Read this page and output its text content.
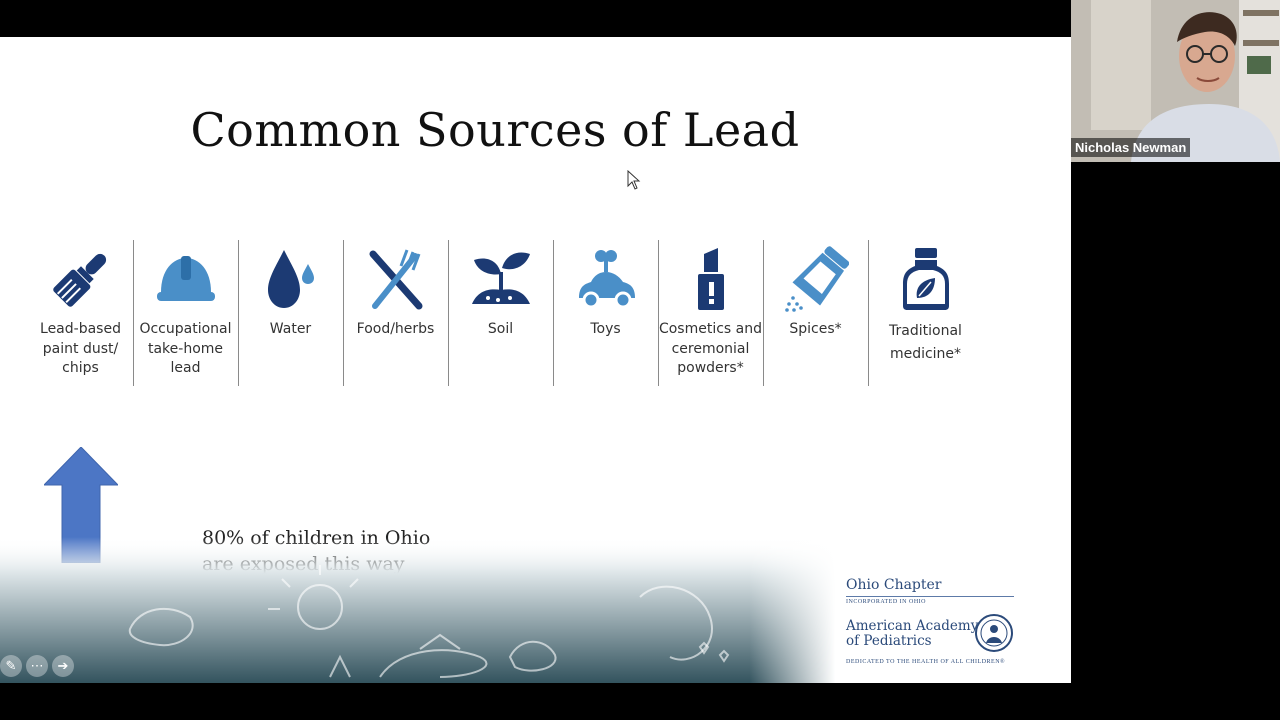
Common Sources of Lead
Lead-based paint dust/ chips
Occupational take-home lead
Water	Food/herbs	Soil	Toys	Cosmetics and ceremonial powders*
Spices*	Traditional medicine*
✎	⋯	➔
Ohio Chapter
INCORPORATED IN OHIO
American Academy
of Pediatrics
DEDICATED TO THE HEALTH OF ALL CHILDREN®
Nicholas Newman
